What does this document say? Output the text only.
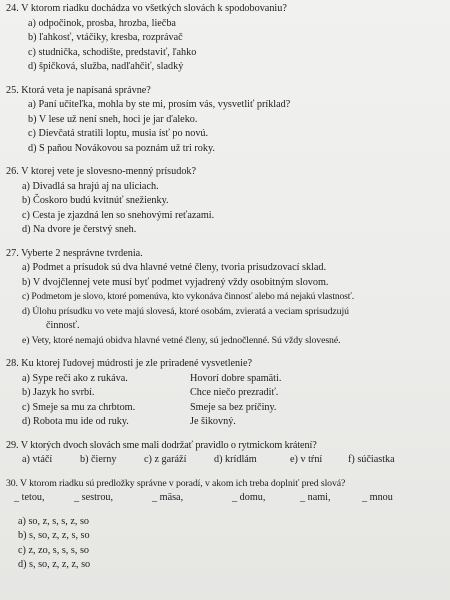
24. V ktorom riadku dochádza vo všetkých slovách k spodobovaniu?
a) odpočinok, prosba, hrozba, liečba
b) ľahkosť, vtáčiky, kresba, rozprávač
c) studnička, schodište, predstaviť, ľahko
d) špičková, služba, nadľahčiť, sladký
25. Ktorá veta je napísaná správne?
a) Paní učiteľka, mohla by ste mi, prosím vás, vysvetliť príklad?
b) V lese už není sneh, hoci je jar ďaleko.
c) Dievčatá stratili loptu, musia ísť po novú.
d) S paňou Novákovou sa poznám už tri roky.
26. V ktorej vete je slovesno-menný prísudok?
a) Divadlá sa hrajú aj na uliciach.
b) Čoskoro budú kvitnúť snežienky.
c) Cesta je zjazdná len so snehovými reťazami.
d) Na dvore je čerstvý sneh.
27. Vyberte 2 nesprávne tvrdenia.
a) Podmet a prísudok sú dva hlavné vetné členy, tvoria prisudzovací sklad.
b) V dvojčlennej vete musí byť podmet vyjadrený vždy osobitným slovom.
c) Podmetom je slovo, ktoré pomenúva, kto vykonáva činnosť alebo má nejakú vlastnosť.
d) Úlohu prísudku vo vete majú slovesá, ktoré osobám, zvieratá a veciam sprisudzujú
činnosť.
e) Vety, ktoré nemajú obidva hlavné vetné členy, sú jednočlenné. Sú vždy slovesné.
28. Ku ktorej ľudovej múdrosti je zle priradené vysvetlenie?
a) Sype reči ako z rukáva.	Hovorí dobre spamäti.
b) Jazyk ho svrbí.	Chce niečo prezradiť.
c) Smeje sa mu za chrbtom.	Smeje sa bez príčiny.
d) Robota mu ide od ruky.	Je šikovný.
29. V ktorých dvoch slovách sme mali dodržať pravidlo o rytmickom krátení?
a) vtáčí	b) čierny	c) z garáží	d) krídlám	e) v tŕní	f) súčiastka
30. V ktorom riadku sú predložky správne v poradí, v akom ich treba doplniť pred slová?
_ tetou,	_ sestrou,	_ mäsa,	_ domu,	_ nami,	_ mnou
a) so, z, s, s, z, so
b) s, so, z, z, s, so
c) z, zo, s, s, s, so
d) s, so, z, z, z, so
